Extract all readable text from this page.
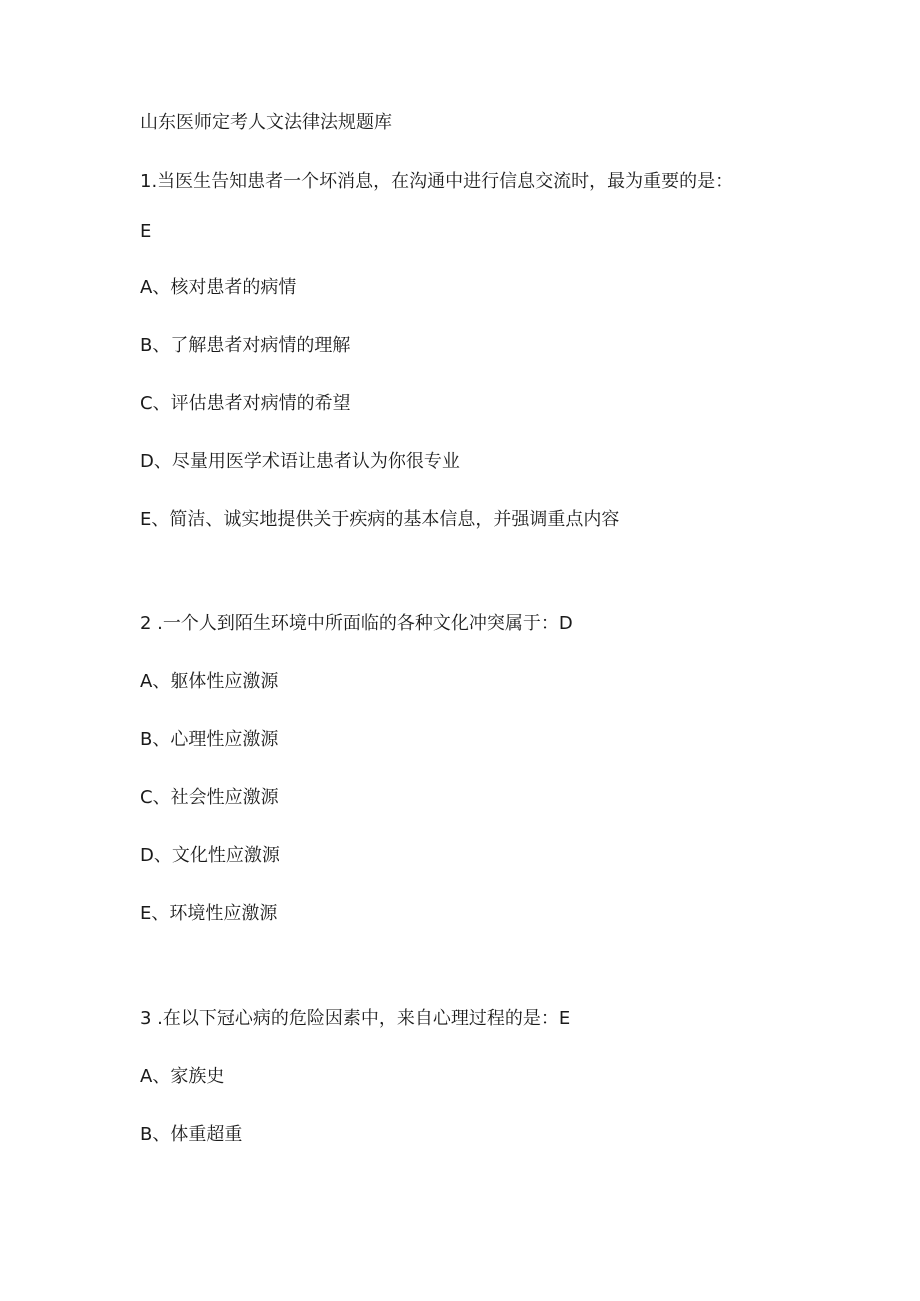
山东医师定考人文法律法规题库
1.当医生告知患者一个坏消息，在沟通中进行信息交流时，最为重要的是：
E
A、核对患者的病情
B、了解患者对病情的理解
C、评估患者对病情的希望
D、尽量用医学术语让患者认为你很专业
E、简洁、诚实地提供关于疾病的基本信息，并强调重点内容
2 .一个人到陌生环境中所面临的各种文化冲突属于：D
A、躯体性应激源
B、心理性应激源
C、社会性应激源
D、文化性应激源
E、环境性应激源
3 .在以下冠心病的危险因素中，来自心理过程的是：E
A、家族史
B、体重超重
